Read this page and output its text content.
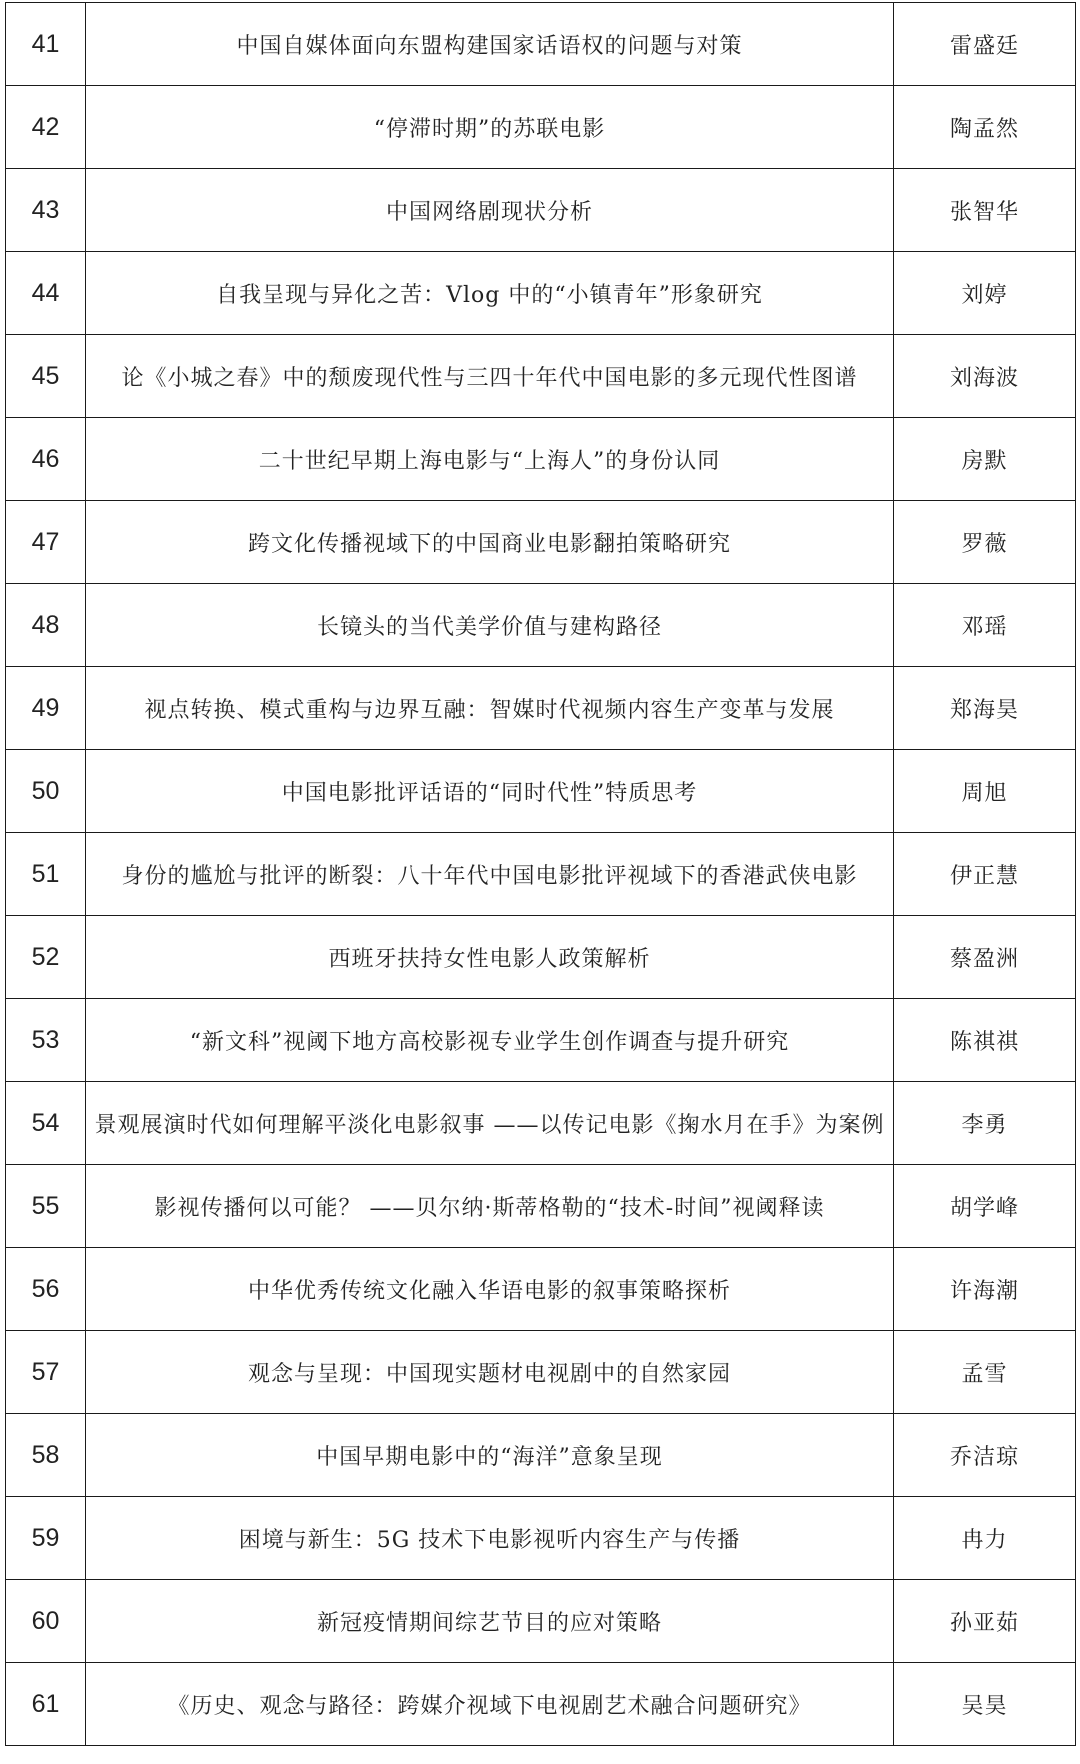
41	中国自媒体面向东盟构建国家话语权的问题与对策	雷盛廷
42	“停滞时期”的苏联电影	陶孟然
43	中国网络剧现状分析	张智华
44	自我呈现与异化之苦：Vlog 中的“小镇青年”形象研究	刘婷
45	论《小城之春》中的颓废现代性与三四十年代中国电影的多元现代性图谱	刘海波
46	二十世纪早期上海电影与“上海人”的身份认同	房默
47	跨文化传播视域下的中国商业电影翻拍策略研究	罗薇
48	长镜头的当代美学价值与建构路径	邓瑶
49	视点转换、模式重构与边界互融：智媒时代视频内容生产变革与发展	郑海昊
50	中国电影批评话语的“同时代性”特质思考	周旭
51	身份的尴尬与批评的断裂：八十年代中国电影批评视域下的香港武侠电影	伊正慧
52	西班牙扶持女性电影人政策解析	蔡盈洲
53	“新文科”视阈下地方高校影视专业学生创作调查与提升研究	陈祺祺
54	景观展演时代如何理解平淡化电影叙事 ——以传记电影《掬水月在手》为案例	李勇
55	影视传播何以可能？ ——贝尔纳·斯蒂格勒的“技术-时间”视阈释读	胡学峰
56	中华优秀传统文化融入华语电影的叙事策略探析	许海潮
57	观念与呈现：中国现实题材电视剧中的自然家园	孟雪
58	中国早期电影中的“海洋”意象呈现	乔洁琼
59	困境与新生：5G 技术下电影视听内容生产与传播	冉力
60	新冠疫情期间综艺节目的应对策略	孙亚茹
61	《历史、观念与路径：跨媒介视域下电视剧艺术融合问题研究》	吴昊
